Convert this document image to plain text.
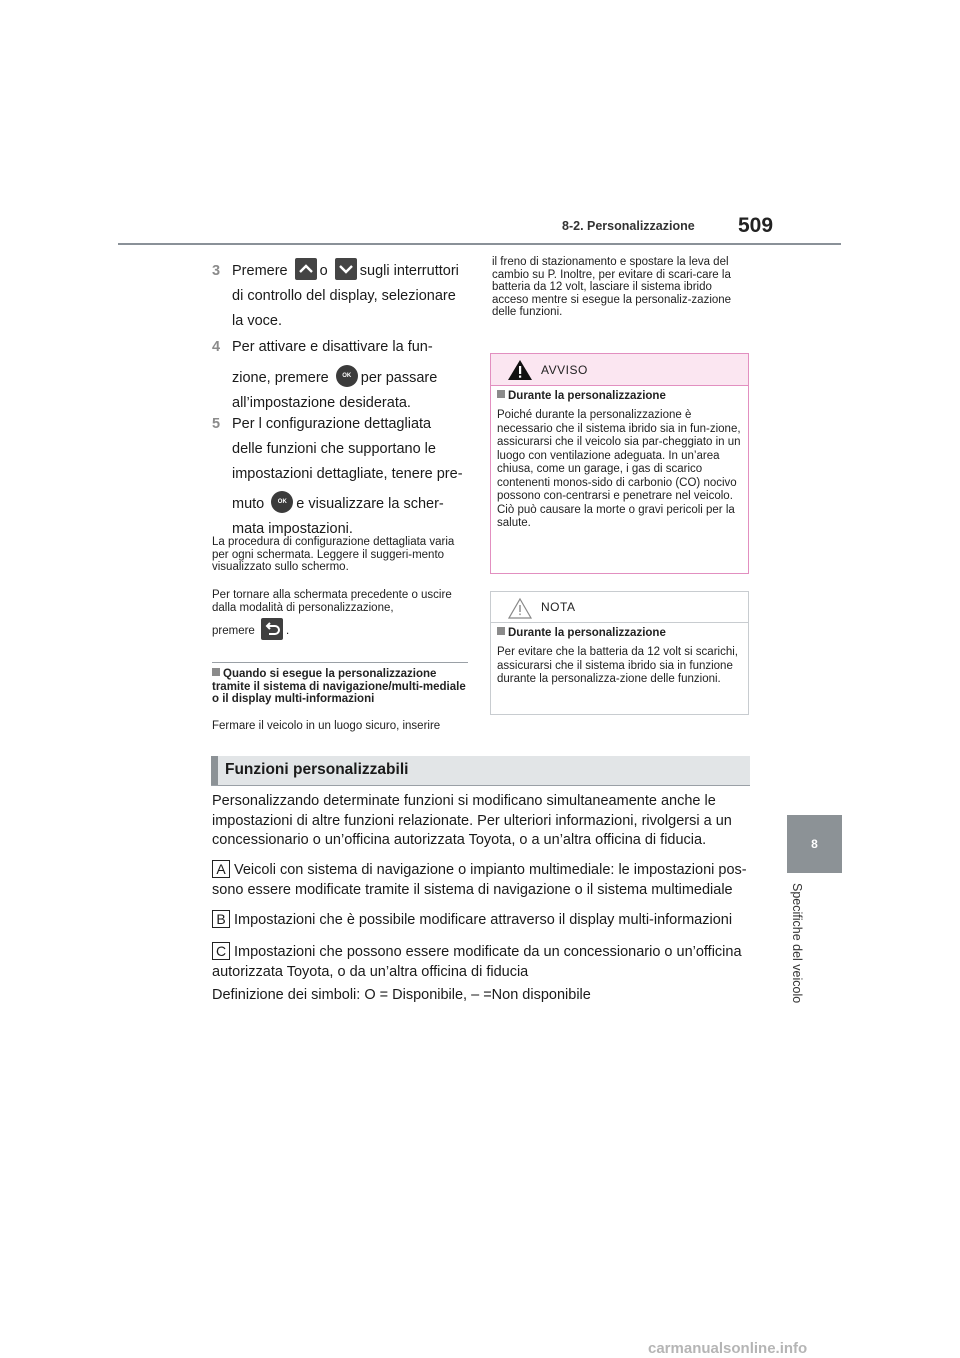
8-2. Personalizzazione 509
8
Specifiche del veicolo
3 Premere o sugli interruttori
di controllo del display, selezionare
la voce.
4 Per attivare e disattivare la fun-
zione, premere OK per passare
all’impostazione desiderata.
5 Per l configurazione dettagliata
delle funzioni che supportano le
impostazioni dettagliate, tenere pre-
muto OK e visualizzare la scher-
mata impostazioni.
La procedura di configurazione dettagliata varia per ogni schermata. Leggere il suggeri-mento visualizzato sullo schermo.
Per tornare alla schermata precedente o uscire dalla modalità di personalizzazione,
premere	.
Quando si esegue la personalizzazione tramite il sistema di navigazione/multi-mediale o il display multi-informazioni
Fermare il veicolo in un luogo sicuro, inserire
il freno di stazionamento e spostare la leva del cambio su P. Inoltre, per evitare di scari-care la batteria da 12 volt, lasciare il sistema ibrido acceso mentre si esegue la personaliz-zazione delle funzioni.
AVVISO
Durante la personalizzazione
Poiché durante la personalizzazione è necessario che il sistema ibrido sia in fun-zione, assicurarsi che il veicolo sia par-cheggiato in un luogo con ventilazione adeguata. In un’area chiusa, come un garage, i gas di scarico contenenti monos-sido di carbonio (CO) nocivo possono con-centrarsi e penetrare nel veicolo. Ciò può causare la morte o gravi pericoli per la salute.
NOTA
Durante la personalizzazione
Per evitare che la batteria da 12 volt si scarichi, assicurarsi che il sistema ibrido sia in funzione durante la personalizza-zione delle funzioni.
Funzioni personalizzabili
Personalizzando determinate funzioni si modificano simultaneamente anche le impostazioni di altre funzioni relazionate. Per ulteriori informazioni, rivolgersi a un concessionario o un’officina autorizzata Toyota, o a un’altra officina di fiducia.
A Veicoli con sistema di navigazione o impianto multimediale: le impostazioni pos-sono essere modificate tramite il sistema di navigazione o il sistema multimediale
B Impostazioni che è possibile modificare attraverso il display multi-informazioni
C Impostazioni che possono essere modificate da un concessionario o un’officina autorizzata Toyota, o da un’altra officina di fiducia
Definizione dei simboli: O = Disponibile, – =Non disponibile
carmanualsonline.info
